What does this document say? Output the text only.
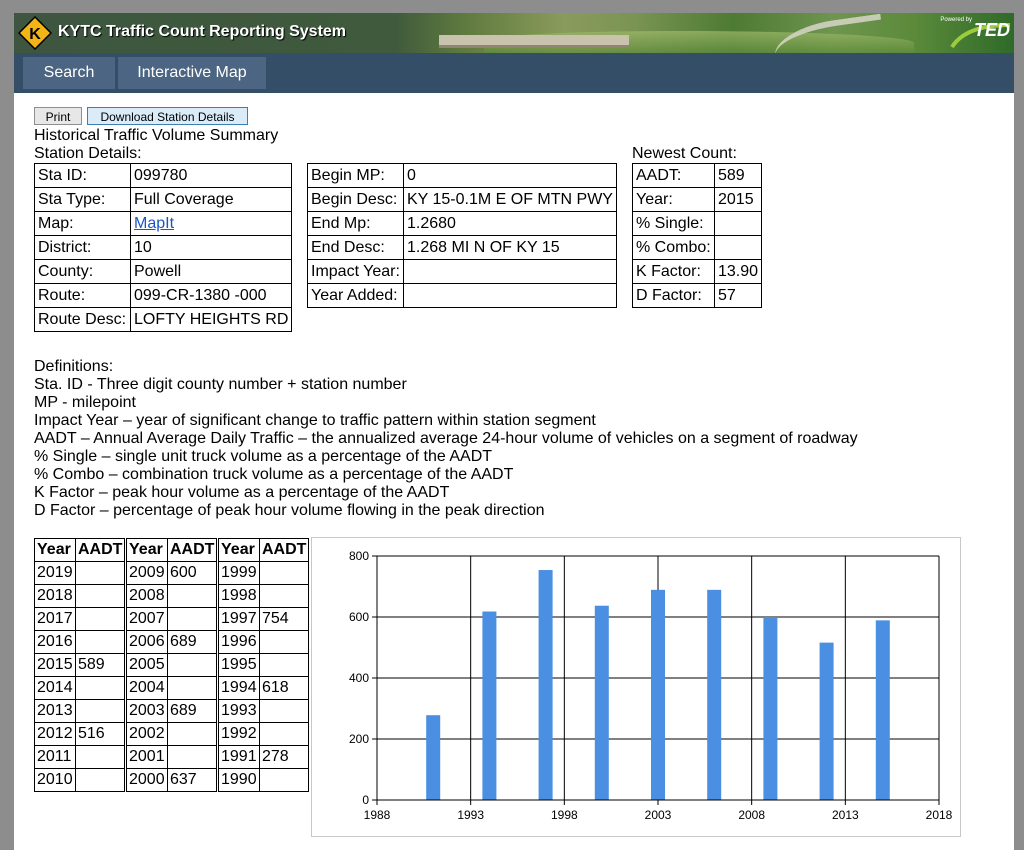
K KYTC Traffic Count Reporting System
Powered by TED
Search	Interactive Map
Print	Download Station Details
Historical Traffic Volume Summary
Station Details:	Newest Count:
Sta ID:	099780
Sta Type:	Full Coverage
Map:	MapIt
District:	10
County:	Powell
Route:	099-CR-1380 -000
Route Desc:	LOFTY HEIGHTS RD
Begin MP:	0
Begin Desc:	KY 15-0.1M E OF MTN PWY
End Mp:	1.2680
End Desc:	1.268 MI N OF KY 15
Impact Year:	
Year Added:	
AADT:	589
Year:	2015
% Single:	
% Combo:	
K Factor:	13.90
D Factor:	57
Definitions:
Sta. ID - Three digit county number + station number
MP - milepoint
Impact Year – year of significant change to traffic pattern within station segment
AADT – Annual Average Daily Traffic – the annualized average 24-hour volume of vehicles on a segment of roadway
% Single – single unit truck volume as a percentage of the AADT
% Combo – combination truck volume as a percentage of the AADT
K Factor – peak hour volume as a percentage of the AADT
D Factor – percentage of peak hour volume flowing in the peak direction
Year	AADT
2019	
2018	
2017	
2016	
2015	589
2014	
2013	
2012	516
2011	
2010	
Year	AADT
2009	600
2008	
2007	
2006	689
2005	
2004	
2003	689
2002	
2001	
2000	637
Year	AADT
1999	
1998	
1997	754
1996	
1995	
1994	618
1993	
1992	
1991	278
1990	
0
200
400
600
800
1988	1993	1998	2003	2008	2013	2018
